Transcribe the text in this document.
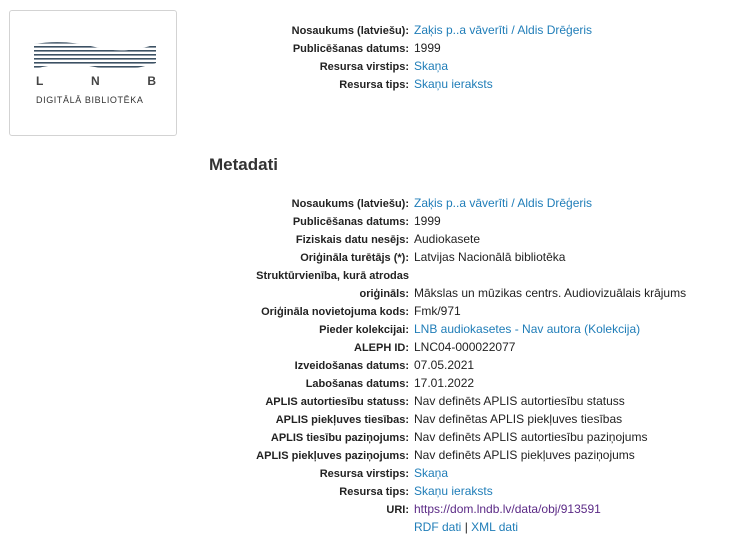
L	N	B
DIGITĀLĀ BIBLIOTĒKA
Nosaukums (latviešu): Zaķis p..a vāverīti / Aldis Drēģeris
Publicēšanas datums: 1999
Resursa virstips: Skaņa
Resursa tips: Skaņu ieraksts
Metadati
Nosaukums (latviešu): Zaķis p..a vāverīti / Aldis Drēģeris
Publicēšanas datums: 1999
Fiziskais datu nesējs: Audiokasete
Oriģināla turētājs (*): Latvijas Nacionālā bibliotēka
Struktūrvienība, kurā atrodas
oriģināls: Mākslas un mūzikas centrs. Audiovizuālais krājums
Oriģināla novietojuma kods: Fmk/971
Pieder kolekcijai: LNB audiokasetes - Nav autora (Kolekcija)
ALEPH ID: LNC04-000022077
Izveidošanas datums: 07.05.2021
Labošanas datums: 17.01.2022
APLIS autortiesību statuss: Nav definēts APLIS autortiesību statuss
APLIS piekļuves tiesības: Nav definētas APLIS piekļuves tiesības
APLIS tiesību paziņojums: Nav definēts APLIS autortiesību paziņojums
APLIS piekļuves paziņojums: Nav definēts APLIS piekļuves paziņojums
Resursa virstips: Skaņa
Resursa tips: Skaņu ieraksts
URI: https://dom.lndb.lv/data/obj/913591
RDF dati | XML dati
